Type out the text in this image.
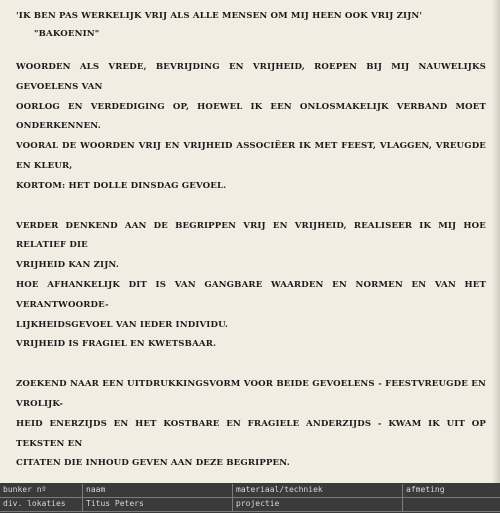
'IK BEN PAS WERKELIJK VRIJ ALS ALLE MENSEN OM MIJ HEEN OOK VRIJ ZIJN'

"BAKOENIN"

WOORDEN ALS VREDE, BEVRIJDING EN VRIJHEID, ROEPEN BIJ MIJ NAUWELIJKS GEVOELENS VAN
OORLOG EN VERDEDIGING OP, HOEWEL IK EEN ONLOSMAKELIJK VERBAND MOET ONDERKENNEN.
VOORAL DE WOORDEN VRIJ EN VRIJHEID ASSOCIËER IK MET FEEST, VLAGGEN, VREUGDE EN KLEUR,
KORTOM: HET DOLLE DINSDAG GEVOEL.
VERDER DENKEND AAN DE BEGRIPPEN VRIJ EN VRIJHEID, REALISEER IK MIJ HOE RELATIEF DIE
VRIJHEID KAN ZIJN.
HOE AFHANKELIJK DIT IS VAN GANGBARE WAARDEN EN NORMEN EN VAN HET VERANTWOORDE-
LIJKHEIDSGEVOEL VAN IEDER INDIVIDU.
VRIJHEID IS FRAGIEL EN KWETSBAAR.
ZOEKEND NAAR EEN UITDRUKKINGSVORM VOOR BEIDE GEVOELENS - FEESTVREUGDE EN VROLIJK-
HEID ENERZIJDS EN HET KOSTBARE EN FRAGIELE ANDERZIJDS - KWAM IK UIT OP TEKSTEN EN
CITATEN DIE INHOUD GEVEN AAN DEZE BEGRIPPEN.
bunker nº	naam	materiaal/techniek	afmeting
div. lokaties	Titus Peters	projectie
